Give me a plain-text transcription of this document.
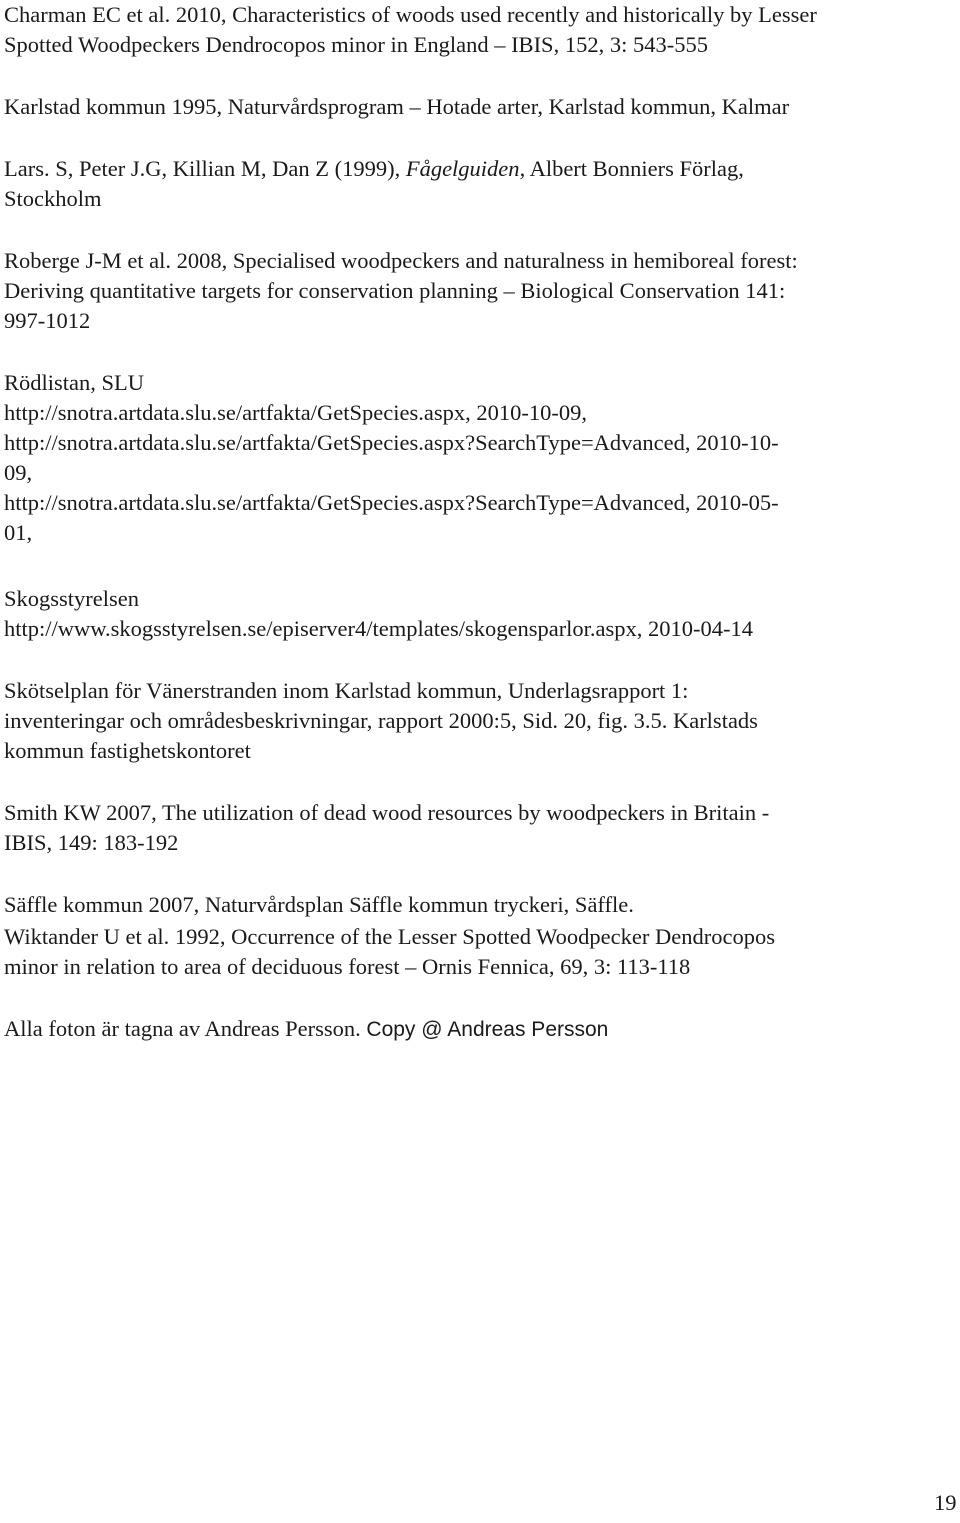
Charman EC et al. 2010, Characteristics of woods used recently and historically by Lesser
Spotted Woodpeckers Dendrocopos minor in England – IBIS, 152, 3: 543-555
Karlstad kommun 1995, Naturvårdsprogram – Hotade arter, Karlstad kommun, Kalmar
Lars. S, Peter J.G, Killian M, Dan Z (1999), Fågelguiden, Albert Bonniers Förlag,
Stockholm
Roberge J-M et al. 2008, Specialised woodpeckers and naturalness in hemiboreal forest:
Deriving quantitative targets for conservation planning – Biological Conservation 141:
997-1012
Rödlistan, SLU
http://snotra.artdata.slu.se/artfakta/GetSpecies.aspx, 2010-10-09,
http://snotra.artdata.slu.se/artfakta/GetSpecies.aspx?SearchType=Advanced, 2010-10-
09,
http://snotra.artdata.slu.se/artfakta/GetSpecies.aspx?SearchType=Advanced, 2010-05-
01,
Skogsstyrelsen
http://www.skogsstyrelsen.se/episerver4/templates/skogensparlor.aspx, 2010-04-14
Skötselplan för Vänerstranden inom Karlstad kommun, Underlagsrapport 1:
inventeringar och områdesbeskrivningar, rapport 2000:5, Sid. 20, fig. 3.5. Karlstads
kommun fastighetskontoret
Smith KW 2007, The utilization of dead wood resources by woodpeckers in Britain -
IBIS, 149: 183-192
Säffle kommun 2007, Naturvårdsplan Säffle kommun tryckeri, Säffle.
Wiktander U et al. 1992, Occurrence of the Lesser Spotted Woodpecker Dendrocopos
minor in relation to area of deciduous forest – Ornis Fennica, 69, 3: 113-118
Alla foton är tagna av Andreas Persson. Copy @ Andreas Persson
19
